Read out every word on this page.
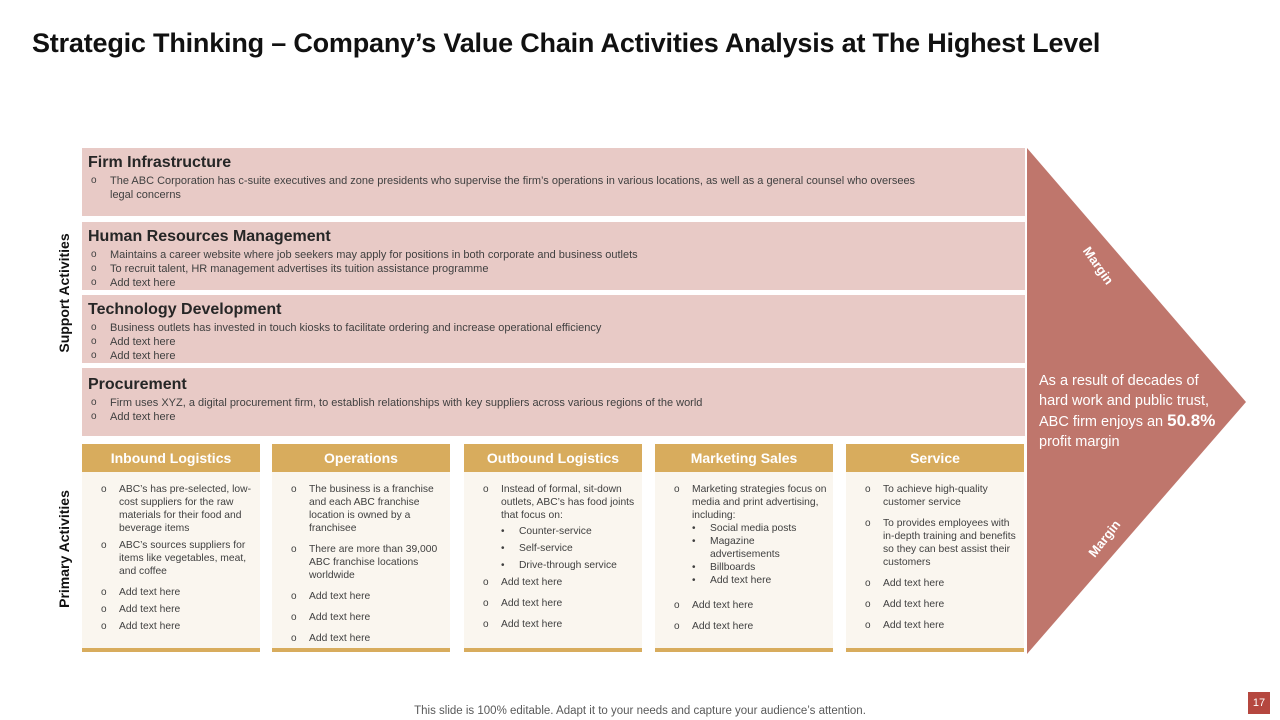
Strategic Thinking – Company’s Value Chain Activities Analysis at The Highest Level
Support Activities
Primary Activities
Margin
Margin
As a result of decades of hard work and public trust, ABC firm enjoys an 50.8% profit margin
Firm Infrastructure
o The ABC Corporation has c-suite executives and zone presidents who supervise the firm’s operations in various locations, as well as a general counsel who oversees legal concerns
Human Resources Management
o Maintains a career website where job seekers may apply for positions in both corporate and business outlets
o To recruit talent, HR management advertises its tuition assistance programme
o Add text here
Technology Development
o Business outlets has invested in touch kiosks to facilitate ordering and increase operational efficiency
o Add text here
o Add text here
Procurement
o Firm uses XYZ, a digital procurement firm, to establish relationships with key suppliers across various regions of the world
o Add text here
Inbound Logistics
o ABC’s has pre-selected, low-cost suppliers for the raw materials for their food and beverage items
o ABC’s sources suppliers for items like vegetables, meat, and coffee
o Add text here
o Add text here
o Add text here
Operations
o The business is a franchise and each ABC franchise location is owned by a franchisee
o There are more than 39,000 ABC franchise locations worldwide
o Add text here
o Add text here
o Add text here
Outbound Logistics
o Instead of formal, sit-down outlets, ABC’s has food joints that focus on:
• Counter-service
• Self-service
• Drive-through service
o Add text here
o Add text here
o Add text here
Marketing Sales
o Marketing strategies focus on media and print advertising, including:
• Social media posts
• Magazine advertisements
• Billboards
• Add text here
o Add text here
o Add text here
Service
o To achieve high-quality customer service
o To provides employees with in-depth training and benefits so they can best assist their customers
o Add text here
o Add text here
o Add text here
This slide is 100% editable. Adapt it to your needs and capture your audience’s attention.
17
